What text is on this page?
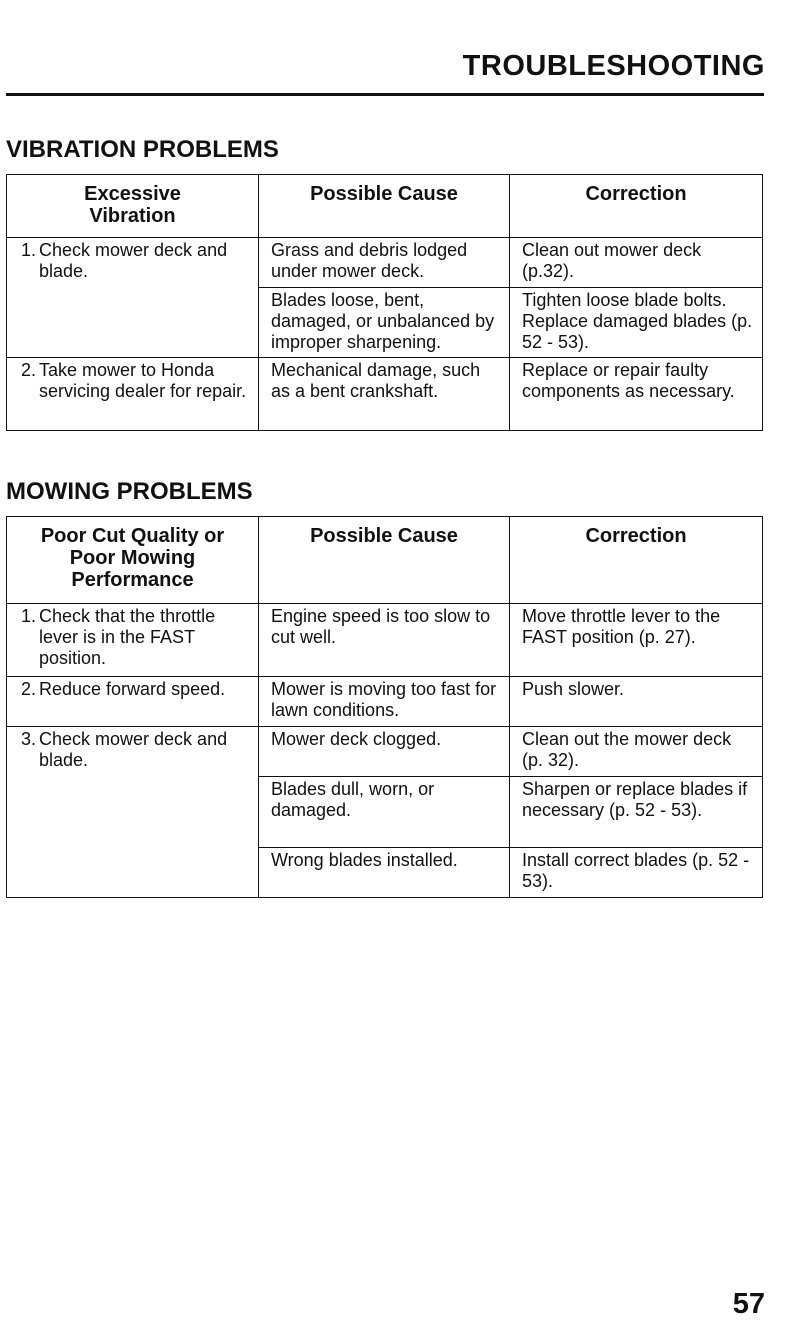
TROUBLESHOOTING
VIBRATION PROBLEMS
Excessive Vibration	Possible Cause	Correction

1. Check mower deck and blade.	Grass and debris lodged under mower deck.	Clean out mower deck (p.32).
	Blades loose, bent, damaged, or unbalanced by improper sharpening.	Tighten loose blade bolts. Replace damaged blades (p. 52 - 53).

2. Take mower to Honda servicing dealer for repair.	Mechanical damage, such as a bent crankshaft.	Replace or repair faulty components as necessary.
MOWING PROBLEMS
Poor Cut Quality or Poor Mowing Performance	Possible Cause	Correction

1. Check that the throttle lever is in the FAST position.	Engine speed is too slow to cut well.	Move throttle lever to the FAST position (p. 27).

2. Reduce forward speed.	Mower is moving too fast for lawn conditions.	Push slower.

3. Check mower deck and blade.	Mower deck clogged.	Clean out the mower deck (p. 32).
	Blades dull, worn, or damaged.	Sharpen or replace blades if necessary (p. 52 - 53).
	Wrong blades installed.	Install correct blades (p. 52 - 53).
57
